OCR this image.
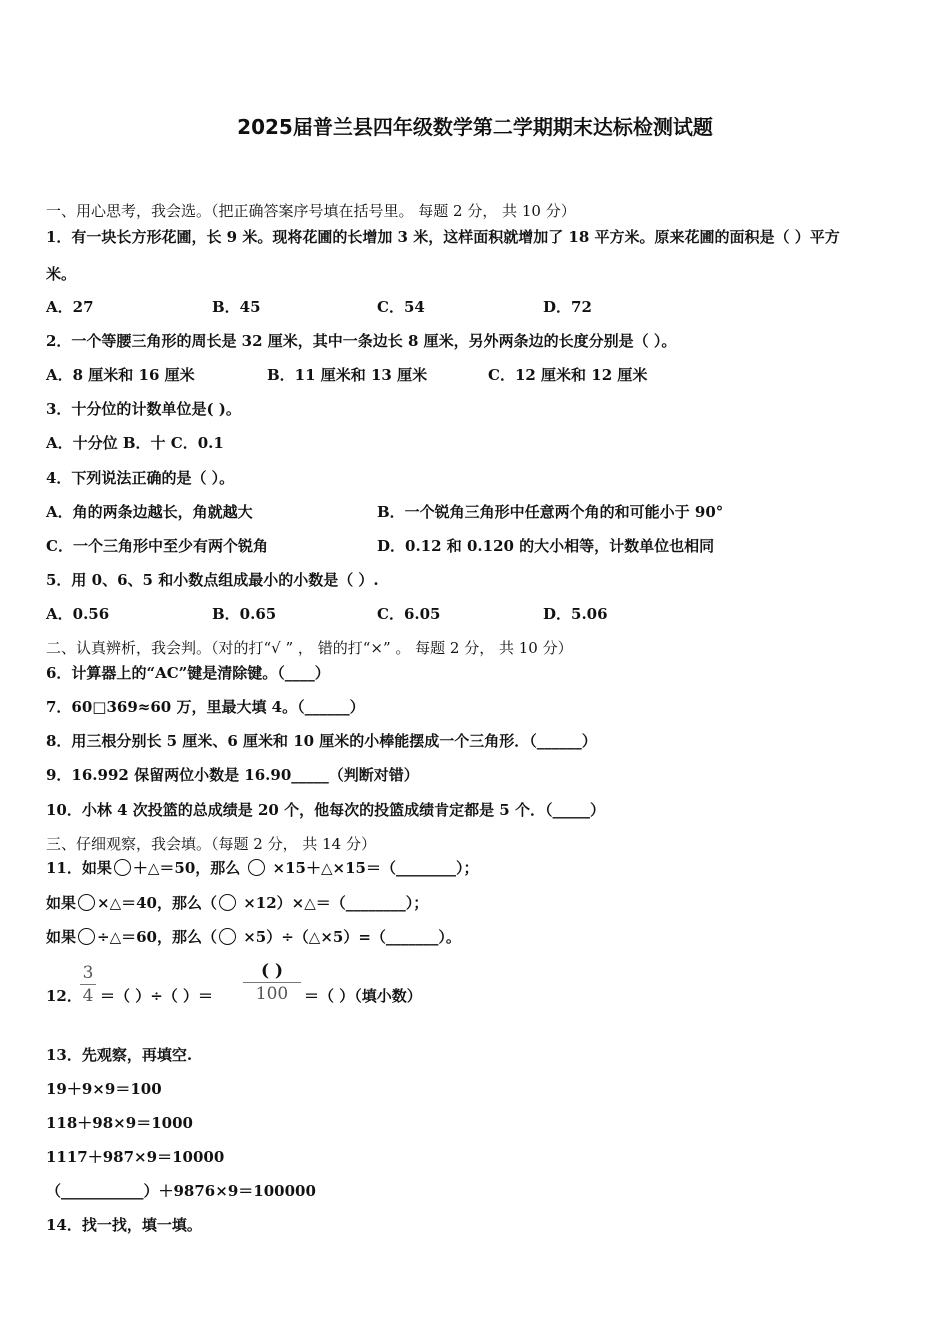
2025届普兰县四年级数学第二学期期末达标检测试题
一、用心思考，我会选。（把正确答案序号填在括号里。 每题 2 分， 共 10 分）
1．有一块长方形花圃，长 9 米。现将花圃的长增加 3 米，这样面积就增加了 18 平方米。原来花圃的面积是（ ）平方
米。
A．27	B．45	C．54	D．72
2．一个等腰三角形的周长是 32 厘米，其中一条边长 8 厘米，另外两条边的长度分别是（ ）。
A．8 厘米和 16 厘米	B．11 厘米和 13 厘米	C．12 厘米和 12 厘米
3．十分位的计数单位是( )。
A．十分位 B．十 C．0.1
4．下列说法正确的是（ ）。
A．角的两条边越长，角就越大	B．一个锐角三角形中任意两个角的和可能小于 90°
C．一个三角形中至少有两个锐角	D．0.12 和 0.120 的大小相等，计数单位也相同
5．用 0、6、5 和小数点组成最小的小数是（ ）.
A．0.56	B．0.65	C．6.05	D．5.06
二、认真辨析，我会判。（对的打“√ ” ， 错的打“×” 。 每题 2 分， 共 10 分）
6．计算器上的“AC”键是清除键。（____）
7．60□369≈60 万，里最大填 4。（______）
8．用三根分别长 5 厘米、6 厘米和 10 厘米的小棒能摆成一个三角形．（______）
9．16.992 保留两位小数是 16.90_____（判断对错）
10．小林 4 次投篮的总成绩是 20 个，他每次的投篮成绩肯定都是 5 个．（_____）
三、仔细观察，我会填。（每题 2 分， 共 14 分）
11．如果 ＋△＝50，那么 ×15＋△×15＝（________）；
如果 ×△＝40，那么（ ×12）×△＝（________）；
如果 ÷△＝60，那么（ ×5）÷（△×5）=（_______）。
12．
3
4 ＝（ ）÷（ ）＝
( )
100	＝（ ）（填小数）
13．先观察，再填空.
19＋9×9＝100
118＋98×9＝1000
1117＋987×9＝10000
（___________）＋9876×9＝100000
14．找一找，填一填。
